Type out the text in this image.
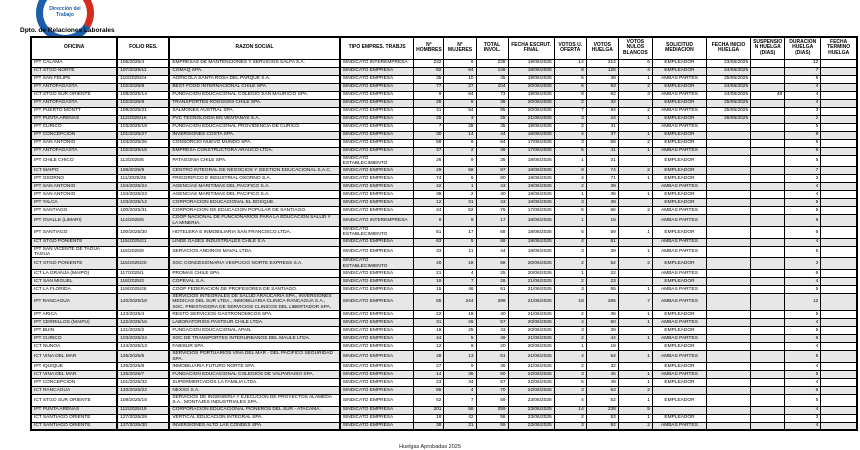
Dirección del Trabajo
Dpto. de Relaciones Laborales
OFICINA	FOLIO RES.	RAZON SOCIAL	TIPO EMPRES. TRABJS	N° HOMBRES	N° MUJERES	TOTAL INVOL.	FECHA ESCRUT. FINAL	VOTOS U. OFERTA	VOTOS HUELGA	VOTOS NULOS BLANCOS	SOLICITUD MEDIACION	FECHA INICIO HUELGA	SUSPENSIO N HUELGA (DIAS)	DURACION HUELGA (DIAS)	FECHA TERMINO HUELGA
IPT CALAMA	105/2025/4	EMPRESAS DE MANTENCIONES Y SERVICIOS SALFA S.A.	SINDICATO INTEREMPRESA	232	6	238	19/06/2025	14	214	6	EMPLEADOR	23/06/2025		12	
ICT STGO NORTE	107/2025/11	COMAQ SPA.	SINDICATO EMPRESA	82	64	146	18/06/2025	8	126	4	EMPLEADOR	24/06/2025		7	
IPT SAN FELIPE	110/2025/24	AGRICOLA SANTA ROSA DEL PARQUE S.A.	SINDICATO EMPRESA	35	10	45	19/06/2025	5	38	1	AMBAS PARTES	25/06/2025		6	
IPT ANTOFAGASTA	102/2025/8	BEST FOOD INTERNACIONAL CHILE SPA.	SINDICATO EMPRESA	77	27	104	20/06/2025	6	93	2	EMPLEADOR	24/06/2025		4	
ICT STGO SUR ORIENTE	108/2025/14	FUNDACION EDUCACIONAL COLEGIO SAN MAURICIO SPA.	SINDICATO EMPRESA	9	64	73	19/06/2025	8	62	3	AMBAS PARTES	24/06/2025	48	4	
IPT ANTOFAGASTA	102/2025/9	TRANSPORTES ROGGIONI CHILE SPA.	SINDICATO EMPRESA	28	8	36	20/06/2025	2	32		EMPLEADOR	25/06/2025		4	
IPT PUERTO MONTT	109/2025/21	SALMONES AUSTRAL SPA.	SINDICATO EMPRESA	41	54	95	20/06/2025	7	84	2	AMBAS PARTES	25/06/2025		3	
IPT PUNTA ARENAS	112/2025/16	PVC TECNOLOGIA EN VENTANAS S.A.	SINDICATO EMPRESA	25	3	28	21/06/2025	3	24	1	EMPLEADOR	26/06/2025		2	
IPT CURICO	103/2025/18	FUNDACION EDUCACIONAL PROVIDENCIA DE CURICO.	SINDICATO EMPRESA	7	28	35	19/06/2025	2	31		AMBAS PARTES			5	
IPT CONCEPCION	101/2025/27	INVERSIONES COSTA SPA.	SINDICATO EMPRESA	30	14	44	16/06/2025	4	37	1	EMPLEADOR			8	
IPT SAN ANTONIO	104/2025/26	CONSORCIO NUEVO MUNDO SPA.	SINDICATO EMPRESA	58	6	64	17/06/2025	3	55	2	EMPLEADOR			6	
IPT ANTOFAGASTA	102/2025/15	EMPRESA CONSTRUCTORA ARAUCO LTDA.	SINDICATO EMPRESA	47	2	49	17/06/2025	5	41	1	AMBAS PARTES			6	
IPT CHILE CHICO	113/2025/5	PATAGONIA CHILE SPA.	SINDICATO ESTABLECIMIENTO	26	9	35	18/06/2025	1	31		EMPLEADOR			5	
ICT MAIPO	106/2025/9	CENTRO INTEGRAL DE NEGOCIOS Y GESTION EDUCACIONAL S.A.C.	SINDICATO EMPRESA	29	58	87	18/06/2025	9	74	2	EMPLEADOR			7	
IPT OSORNO	111/2025/25	FRIGORIFICO E INDUSTRIAL OSORNO S.A.	SINDICATO EMPRESA	74	6	80	19/06/2025	4	71	1	EMPLEADOR			3	
IPT SAN ANTONIO	104/2025/24	AGENCIAS MARITIMAS DEL PACIFICO S.A.	SINDICATO EMPRESA	42	1	43	19/06/2025	2	39		AMBAS PARTES			4	
IPT SAN ANTONIO	104/2025/23	AGENCIAS MARITIMAS DEL PACIFICO S.A.	SINDICATO EMPRESA	38	2	40	19/06/2025	1	36	1	EMPLEADOR			4	
IPT TALCA	103/2025/12	CORPORACION EDUCACIONAL EL BOSQUE.	SINDICATO EMPRESA	12	31	43	18/06/2025	3	38		EMPLEADOR			5	
IPT SANTIAGO	100/2025/31	CORPORACION DE EDUCACION POPULAR DE SANTIAGO.	SINDICATO EMPRESA	24	52	76	17/06/2025	6	66	2	AMBAS PARTES			5	
IPT OVALLE (LIMARI)	114/2025/6	COOP NACIONAL DE FUNCIONARIOS PARA LA EDUCACION SALUD Y LA MINERIA.	SINDICATO INTEREMPRESA	8	9	17	18/06/2025	1	15		AMBAS PARTES			9	
IPT SANTIAGO	100/2025/30	HOTELERA E INMOBILIARIA SAN FRANCISCO LTDA.	SINDICATO ESTABLECIMIENTO	51	17	68	18/06/2025	5	59	1	EMPLEADOR			6	
ICT STGO PONIENTE	115/2025/21	LINDE GASES INDUSTRIALES CHILE S.A.	SINDICATO EMPRESA	63	5	68	19/06/2025	4	61		AMBAS PARTES			4	
IPT SAN VICENTE DE TAGUA TAGUA	116/2025/8	SERVICIOS ANDINOS MAVAL LTDA.	SINDICATO EMPRESA	33	11	44	19/06/2025	3	39	1	AMBAS PARTES			5	
ICT STGO PONIENTE	115/2025/20	SOC CONCESIONARIA VESPUCIO NORTE EXPRESS S.A.	SINDICATO ESTABLECIMIENTO	40	18	58	20/06/2025	2	52	2	EMPLEADOR			3	
ICT LA GRANJA (MAIPO)	117/2025/1	PROMAS CHILE SPA.	SINDICATO EMPRESA	21	4	25	20/06/2025	1	22		AMBAS PARTES			6	
ICT SAN MIGUEL	118/2025/3	COPEVAL S.A.	SINDICATO EMPRESA	19	7	26	21/06/2025	2	23		EMPLEADOR			4	
ICT LA FLORIDA	119/2025/26	COOP FEDERACION DE PROFESORES DE SANTIAGO.	SINDICATO EMPRESA	15	46	61	21/06/2025	3	55	1	AMBAS PARTES			5	
IPT RANCAGUA	120/2025/18	SERVICIOS INTEGRALES DE SALUD ARAUCARIA SPA., INVERSIONES MEDICAS DEL SUR LTDA., INMOBILIARIA CLINICA RANCAGUA S.A., SOC. PRESTADORA DE SERVICIOS CLINICOS DEL LIBERTADOR SPA.	SINDICATO EMPRESA	55	244	299	21/06/2025	18	266	7	AMBAS PARTES			12	
IPT ARICA	123/2025/4	RESTO SERVICIOS GASTRONOMICOS SPA.	SINDICATO EMPRESA	22	18	40	21/06/2025	2	36	1	EMPLEADOR			5	
IPT CERRILLOS (MAIPU)	122/2025/16	LABORATORIOS PASTEUR CHILE LTDA.	SINDICATO EMPRESA	31	26	57	20/06/2025	4	50	1	AMBAS PARTES			4	
IPT BUIN	121/2025/2	FUNDACION EDUCACIONAL APAN.	SINDICATO EMPRESA	18	25	43	20/06/2025	3	39		EMPLEADOR			5	
IPT CURICO	103/2025/24	SOC DE TRANSPORTES INTERURBANOS DEL MAULE LTDA.	SINDICATO EMPRESA	44	5	49	21/06/2025	2	44	1	AMBAS PARTES			6	
ICT NUNOA	124/2025/13	FABISUR SPA.	SINDICATO EMPRESA	12	8	20	20/06/2025	1	18		EMPLEADOR			4	
ICT VINA DEL MAR	125/2025/6	SERVICIOS PORTUARIOS VINA DEL MAR - DEL PACIFICO SEGURIDAD SPA.	SINDICATO EMPRESA	48	13	61	21/06/2025	4	54	1	AMBAS PARTES			5	
IPT IQUIQUE	126/2025/8	INMOBILIARIA FUTURO NORTE SPA.	SINDICATO EMPRESA	27	9	36	21/06/2025	2	32		EMPLEADOR			4	
ICT VINA DEL MAR	125/2025/7	FUNDACION EDUCACIONAL COLEGIOS DE VALPARAISO SPA.	SINDICATO EMPRESA	14	36	50	22/06/2025	3	45	1	AMBAS PARTES			5	
IPT CONCEPCION	101/2025/32	SUPERMERCADOS LA FAMILIA LTDA.	SINDICATO EMPRESA	23	34	57	22/06/2025	5	49	1	EMPLEADOR			4	
ICT RANCAGUA	120/2025/22	NEXXO S.A.	SINDICATO EMPRESA	66	4	70	22/06/2025	3	63	2				6	
ICT STGO SUR ORIENTE	108/2025/18	SERVICIOS DE INGENIERIA Y EJECUCION DE PROYECTOS ALAMEDA S.A., MONTAJES INDUSTRIALES SPA.	SINDICATO EMPRESA	52	7	59	23/06/2025	4	52	1	EMPLEADOR			5	
IPT PUNTA ARENAS	112/2025/19	CORPORACION EDUCACIONAL PIONEROS DEL SUR - ATACAMA.	SINDICATO EMPRESA	201	58	259	23/06/2025	14	238	5				4	
ICT SANTIAGO ORIENTE	127/2025/28	VERTICAL EDUCACION INTEGRAL SPA.	SINDICATO EMPRESA	16	42	58	23/06/2025	2	53	1	EMPLEADOR			3	
ICT SANTIAGO ORIENTE	127/2025/30	INVERSIONES ALTO LAS CONDES SPA.	SINDICATO EMPRESA	38	21	59	23/06/2025	3	52	2	AMBAS PARTES			4	
Huelgas Aprobadas 2025
